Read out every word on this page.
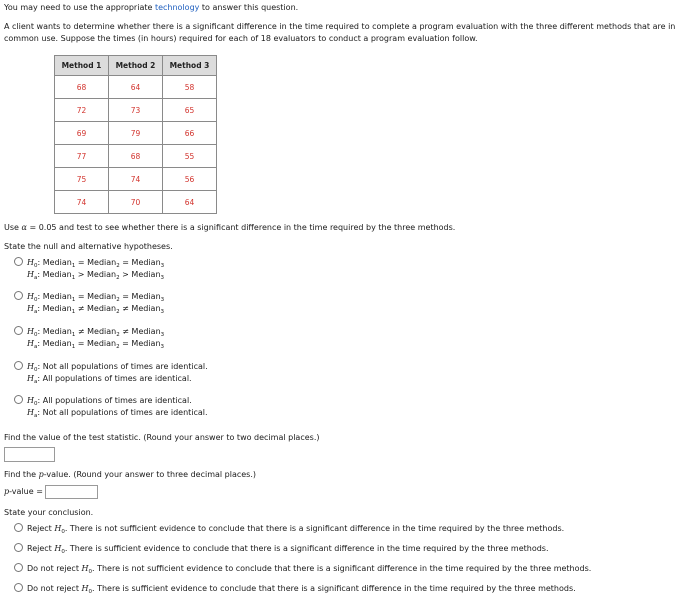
You may need to use the appropriate technology to answer this question.
A client wants to determine whether there is a significant difference in the time required to complete a program evaluation with the three different methods that are in
common use. Suppose the times (in hours) required for each of 18 evaluators to conduct a program evaluation follow.
Method 1	Method 2	Method 3
68	64	58
72	73	65
69	79	66
77	68	55
75	74	56
74	70	64
Use α = 0.05 and test to see whether there is a significant difference in the time required by the three methods.
State the null and alternative hypotheses.
$H_0$: Median$_1$ = Median$_2$ = Median$_3$
$H_a$: Median$_1$ > Median$_2$ > Median$_3$
$H_0$: Median$_1$ = Median$_2$ = Median$_3$
$H_a$: Median$_1$ ≠ Median$_2$ ≠ Median$_3$
$H_0$: Median$_1$ ≠ Median$_2$ ≠ Median$_3$
$H_a$: Median$_1$ = Median$_2$ = Median$_3$
$H_0$: Not all populations of times are identical.
$H_a$: All populations of times are identical.
$H_0$: All populations of times are identical.
$H_a$: Not all populations of times are identical.
Find the value of the test statistic. (Round your answer to two decimal places.)
Find the p-value. (Round your answer to three decimal places.)
p-value =
State your conclusion.
Reject $H_0$. There is not sufficient evidence to conclude that there is a significant difference in the time required by the three methods.
Reject $H_0$. There is sufficient evidence to conclude that there is a significant difference in the time required by the three methods.
Do not reject $H_0$. There is not sufficient evidence to conclude that there is a significant difference in the time required by the three methods.
Do not reject $H_0$. There is sufficient evidence to conclude that there is a significant difference in the time required by the three methods.
